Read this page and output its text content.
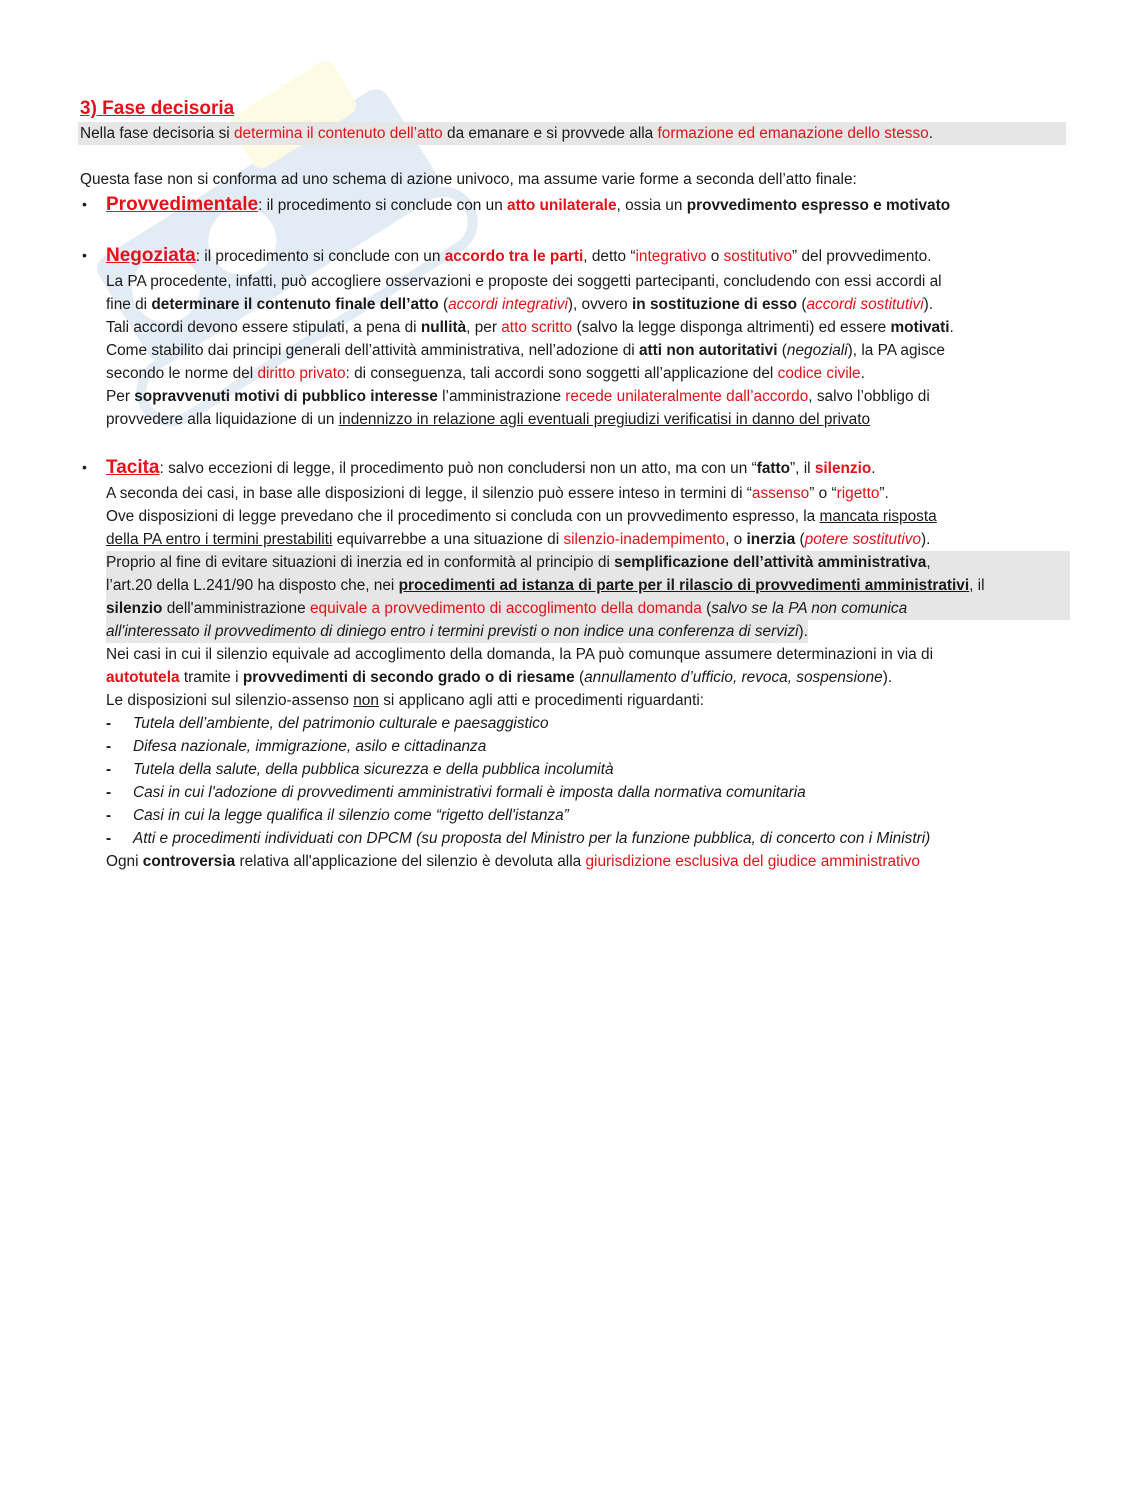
3) Fase decisoria
Nella fase decisoria si determina il contenuto dell’atto da emanare e si provvede alla formazione ed emanazione dello stesso.
Questa fase non si conforma ad uno schema di azione univoco, ma assume varie forme a seconda dell’atto finale:
• Provvedimentale: il procedimento si conclude con un atto unilaterale, ossia un provvedimento espresso e motivato
• Negoziata: il procedimento si conclude con un accordo tra le parti, detto “integrativo o sostitutivo” del provvedimento.
La PA procedente, infatti, può accogliere osservazioni e proposte dei soggetti partecipanti, concludendo con essi accordi al
fine di determinare il contenuto finale dell’atto (accordi integrativi), ovvero in sostituzione di esso (accordi sostitutivi).
Tali accordi devono essere stipulati, a pena di nullità, per atto scritto (salvo la legge disponga altrimenti) ed essere motivati.
Come stabilito dai principi generali dell’attività amministrativa, nell’adozione di atti non autoritativi (negoziali), la PA agisce
secondo le norme del diritto privato: di conseguenza, tali accordi sono soggetti all’applicazione del codice civile.
Per sopravvenuti motivi di pubblico interesse l’amministrazione recede unilateralmente dall’accordo, salvo l’obbligo di
provvedere alla liquidazione di un indennizzo in relazione agli eventuali pregiudizi verificatisi in danno del privato
• Tacita: salvo eccezioni di legge, il procedimento può non concludersi non un atto, ma con un “fatto”, il silenzio.
A seconda dei casi, in base alle disposizioni di legge, il silenzio può essere inteso in termini di “assenso” o “rigetto”.
Ove disposizioni di legge prevedano che il procedimento si concluda con un provvedimento espresso, la mancata risposta
della PA entro i termini prestabiliti equivarrebbe a una situazione di silenzio-inadempimento, o inerzia (potere sostitutivo).
Proprio al fine di evitare situazioni di inerzia ed in conformità al principio di semplificazione dell’attività amministrativa,
l’art.20 della L.241/90 ha disposto che, nei procedimenti ad istanza di parte per il rilascio di provvedimenti amministrativi, il
silenzio dell'amministrazione equivale a provvedimento di accoglimento della domanda (salvo se la PA non comunica
all'interessato il provvedimento di diniego entro i termini previsti o non indice una conferenza di servizi).
Nei casi in cui il silenzio equivale ad accoglimento della domanda, la PA può comunque assumere determinazioni in via di
autotutela tramite i provvedimenti di secondo grado o di riesame (annullamento d’ufficio, revoca, sospensione).
Le disposizioni sul silenzio-assenso non si applicano agli atti e procedimenti riguardanti:
- Tutela dell’ambiente, del patrimonio culturale e paesaggistico
- Difesa nazionale, immigrazione, asilo e cittadinanza
- Tutela della salute, della pubblica sicurezza e della pubblica incolumità
- Casi in cui l'adozione di provvedimenti amministrativi formali è imposta dalla normativa comunitaria
- Casi in cui la legge qualifica il silenzio come “rigetto dell'istanza”
- Atti e procedimenti individuati con DPCM (su proposta del Ministro per la funzione pubblica, di concerto con i Ministri)
Ogni controversia relativa all'applicazione del silenzio è devoluta alla giurisdizione esclusiva del giudice amministrativo
